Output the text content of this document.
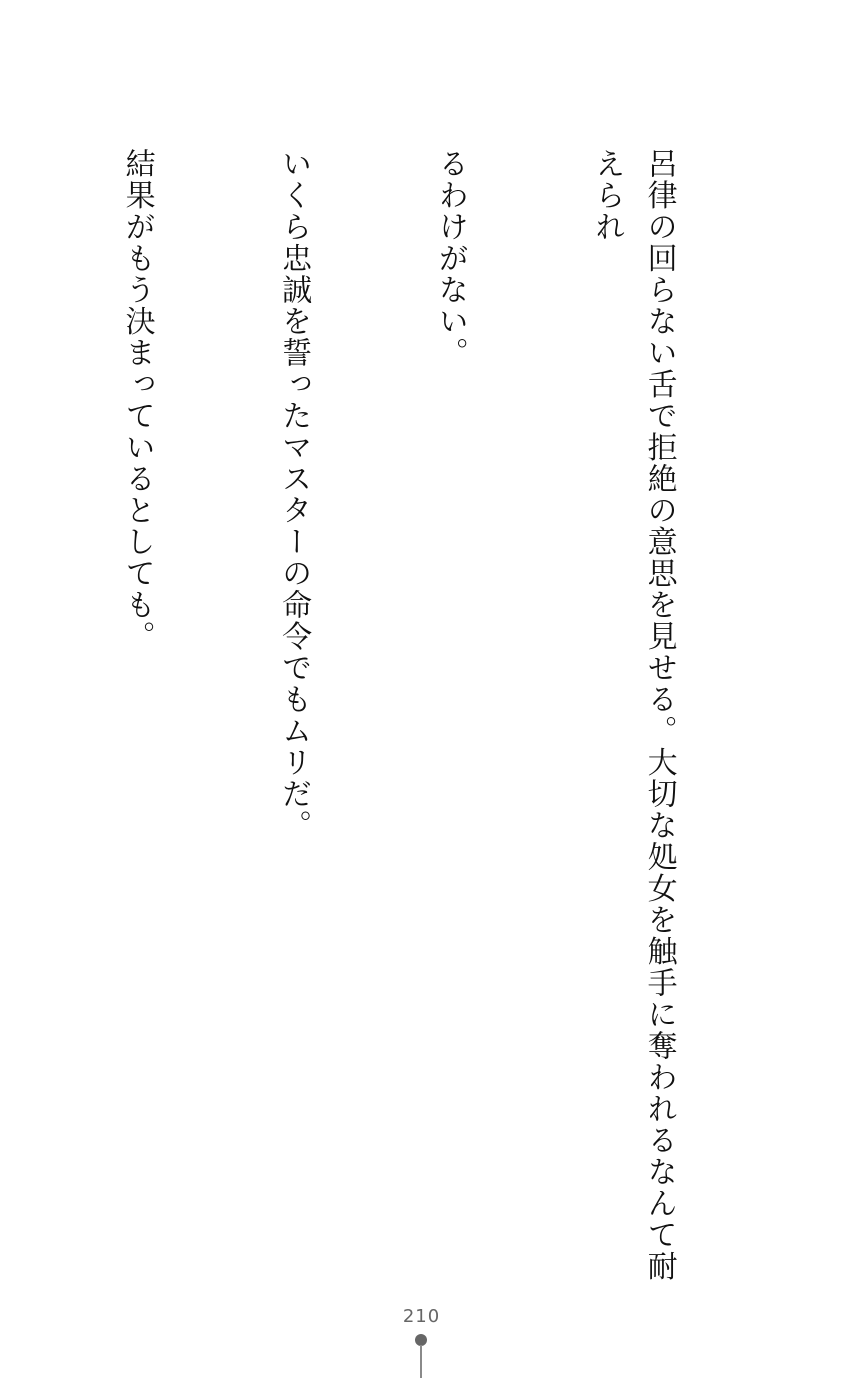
呂律の回らない舌で拒絶の意思を見せる。大切な処女を触手に奪われるなんて耐えられ

るわけがない。

いくら忠誠を誓ったマスターの命令でもムリだ。

結果がもう決まっているとしても。

210
